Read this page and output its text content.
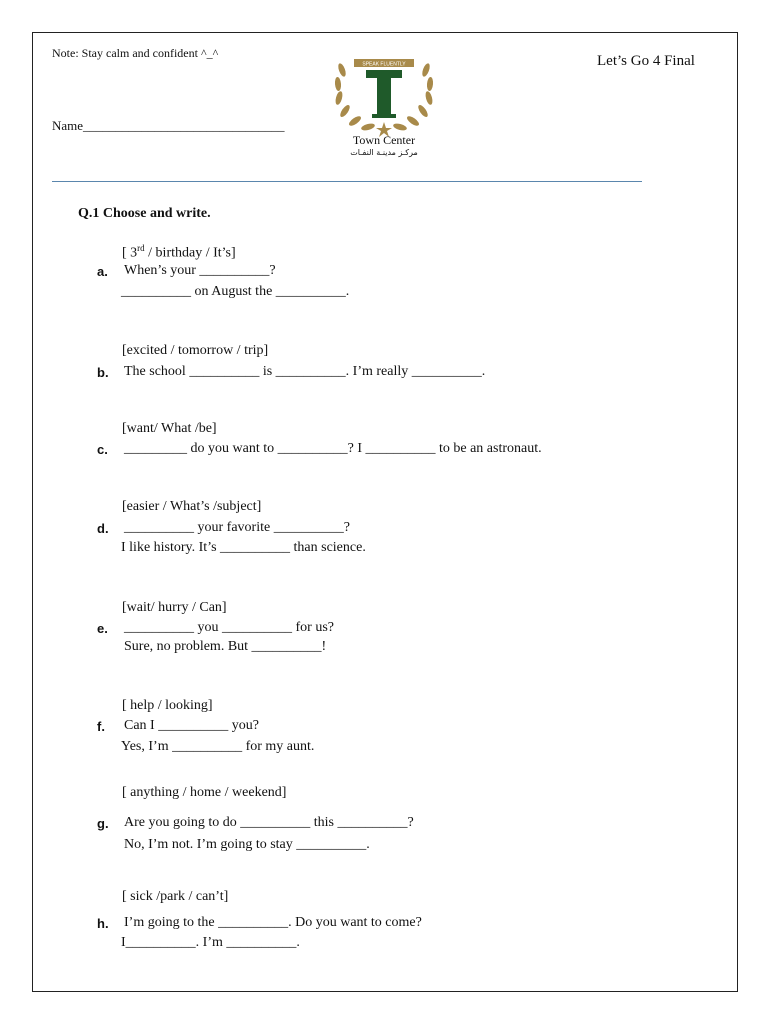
Note: Stay calm and confident ^_^	Let’s Go 4 Final
Name_______________________________
SPEAK FLUENTLY
Town Center
مركـز مدينـة النفـات
Q.1 Choose and write.
[ 3rd / birthday / It’s]
a. When’s your __________?
__________ on August the __________.
[excited / tomorrow / trip]
b. The school __________ is __________. I’m really __________.
[want/ What /be]
c. _________ do you want to __________? I __________ to be an astronaut.
[easier / What’s /subject]
d. __________ your favorite __________?
I like history. It’s __________ than science.
[wait/ hurry / Can]
e. __________ you __________ for us?
Sure, no problem. But __________!
[ help / looking]
f. Can I __________ you?
Yes, I’m __________ for my aunt.
[ anything / home / weekend]
g. Are you going to do __________ this __________?
No, I’m not. I’m going to stay __________.
[ sick /park / can’t]
h. I’m going to the __________. Do you want to come?
I__________. I’m __________.
